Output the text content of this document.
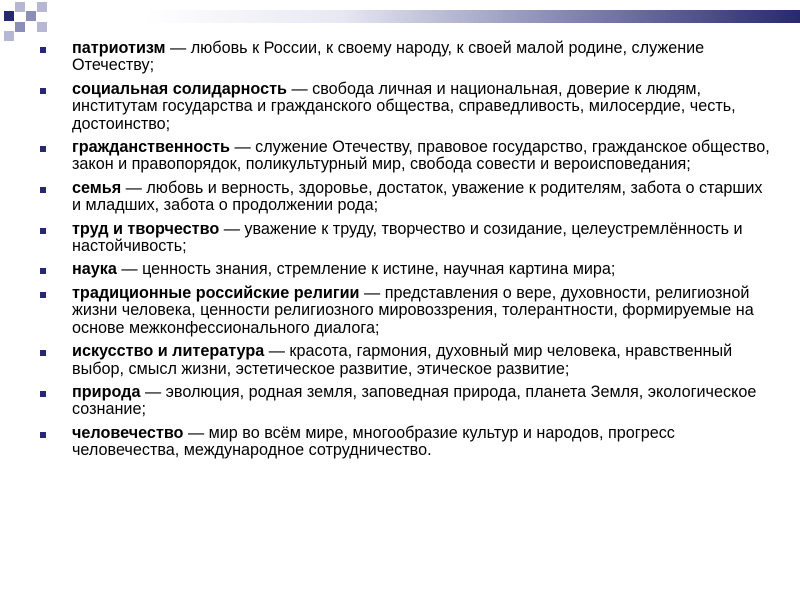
патриотизм — любовь к России, к своему народу, к своей малой родине, служение Отечеству;
социальная солидарность — свобода личная и национальная, доверие к людям, институтам государства и гражданского общества, справедливость, милосердие, честь, достоинство;
гражданственность — служение Отечеству, правовое государство, гражданское общество, закон и правопорядок, поликультурный мир, свобода совести и вероисповедания;
семья — любовь и верность, здоровье, достаток, уважение к родителям, забота о старших и младших, забота о продолжении рода;
труд и творчество — уважение к труду, творчество и созидание, целеустремлённость и настойчивость;
наука — ценность знания, стремление к истине, научная картина мира;
традиционные российские религии — представления о вере, духовности, религиозной жизни человека, ценности религиозного мировоззрения, толерантности, формируемые на основе межконфессионального диалога;
искусство и литература — красота, гармония, духовный мир человека, нравственный выбор, смысл жизни, эстетическое развитие, этическое развитие;
природа — эволюция, родная земля, заповедная природа, планета Земля, экологическое сознание;
человечество — мир во всём мире, многообразие культур и народов, прогресс человечества, международное сотрудничество.
